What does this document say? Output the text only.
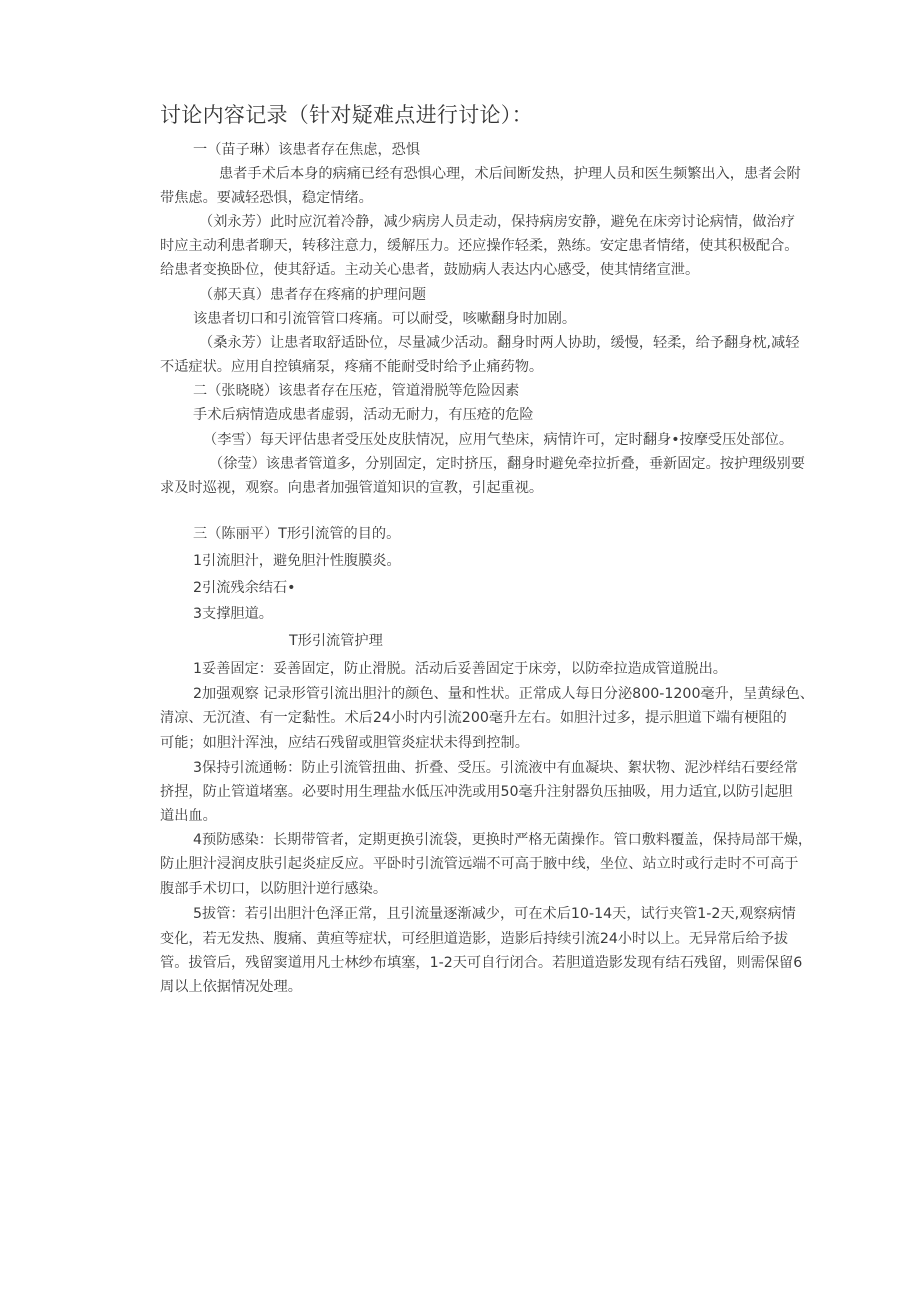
讨论内容记录（针对疑难点进行讨论）：
一（苗子琳）该患者存在焦虑，恐惧
患者手术后本身的病痛已经有恐惧心理，术后间断发热，护理人员和医生频繁出入，患者会附
带焦虑。要减轻恐惧，稳定情绪。
（刘永芳）此时应沉着冷静，减少病房人员走动，保持病房安静，避免在床旁讨论病情，做治疗
时应主动利患者聊天，转移注意力，缓解压力。还应操作轻柔，熟练。安定患者情绪，使其积极配合。
给患者变换卧位，使其舒适。主动关心患者，鼓励病人表达内心感受，使其情绪宣泄。
（郝天真）患者存在疼痛的护理问题
该患者切口和引流管管口疼痛。可以耐受，咳嗽翻身时加剧。
（桑永芳）让患者取舒适卧位，尽量减少活动。翻身时两人协助，缓慢，轻柔，给予翻身枕,减轻
不适症状。应用自控镇痛泵，疼痛不能耐受时给予止痛药物。
二（张晓晓）该患者存在压疮，管道滑脱等危险因素
手术后病情造成患者虚弱，活动无耐力，有压疮的危险
（李雪）每天评估患者受压处皮肤情况，应用气垫床，病情许可，定时翻身•按摩受压处部位。
（徐莹）该患者管道多，分别固定，定时挤压，翻身时避免牵拉折叠，垂新固定。按护理级别要
求及时巡视，观察。向患者加强管道知识的宣教，引起重视。
三（陈丽平）T形引流管的目的。
1引流胆汁，避免胆汁性腹膜炎。
2引流残余结石•
3支撑胆道。
T形引流管护理
1妥善固定：妥善固定，防止滑脱。活动后妥善固定于床旁，以防牵拉造成管道脱出。
2加强观察 记录形管引流出胆汁的颜色、量和性状。正常成人每日分泌800-1200毫升，呈黄绿色、
清凉、无沉渣、有一定黏性。术后24小时内引流200毫升左右。如胆汁过多，提示胆道下端有梗阻的
可能；如胆汁浑浊，应结石残留或胆管炎症状未得到控制。
3保持引流通畅：防止引流管扭曲、折叠、受压。引流液中有血凝块、絮状物、泥沙样结石要经常
挤捏，防止管道堵塞。必要时用生理盐水低压冲洗或用50毫升注射器负压抽吸，用力适宜,以防引起胆
道出血。
4预防感染：长期带管者，定期更换引流袋，更换时严格无菌操作。管口敷料覆盖，保持局部干燥，
防止胆汁浸润皮肤引起炎症反应。平卧时引流管远端不可高于腋中线，坐位、站立时或行走时不可高于
腹部手术切口，以防胆汁逆行感染。
5拔管：若引出胆汁色泽正常，且引流量逐渐减少，可在术后10-14天，试行夹管1-2天,观察病情
变化，若无发热、腹痛、黄疸等症状，可经胆道造影，造影后持续引流24小时以上。无异常后给予拔
管。拔管后，残留窦道用凡士林纱布填塞，1-2天可自行闭合。若胆道造影发现有结石残留，则需保留6
周以上依据情况处理。
